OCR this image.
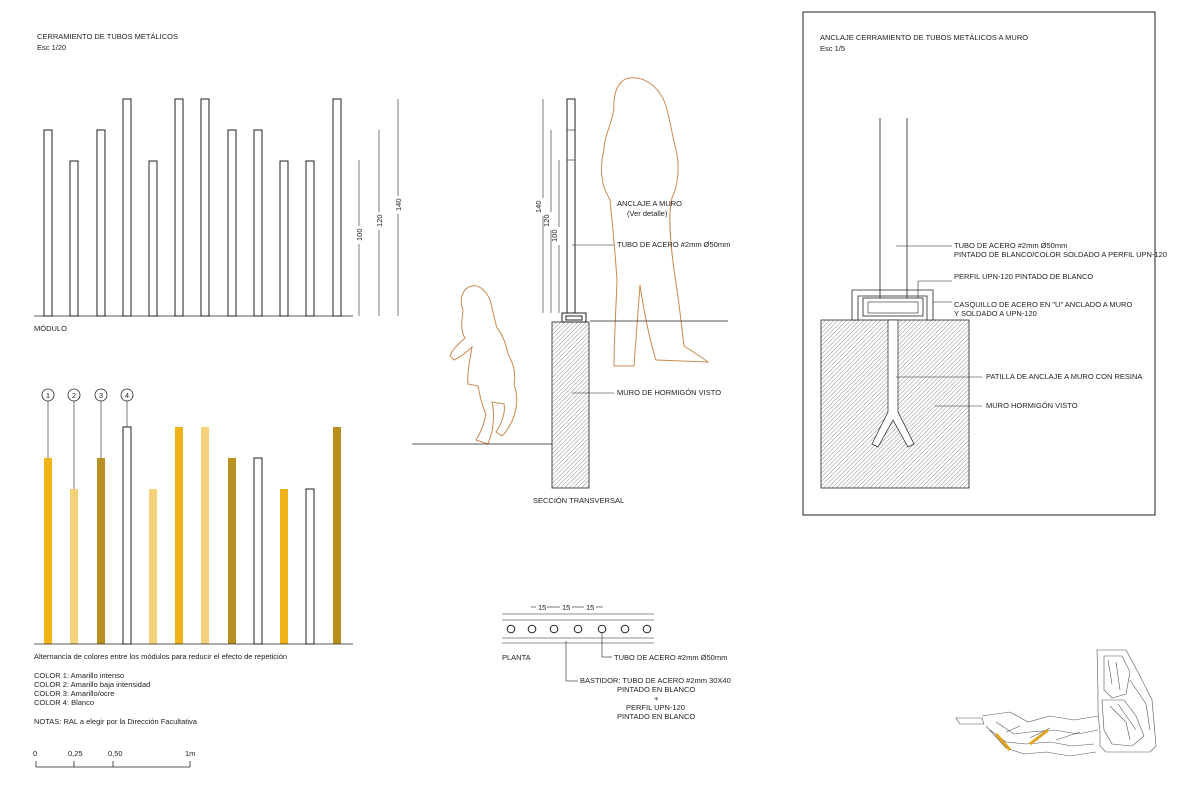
CERRAMIENTO DE TUBOS METÁLICOS
Esc 1/20
MÓDULO
100
120
140
1	2	3	4
Alternancia de colores entre los módulos para reducir el efecto de repetición
COLOR 1: Amarillo intenso
COLOR 2: Amarillo baja intensidad
COLOR 3: Amarillo/ocre
COLOR 4: Blanco
NOTAS: RAL a elegir por la Dirección Facultativa
0	0,25	0,50	1m
140
120
100
ANCLAJE A MURO
(Ver detalle)
TUBO DE ACERO #2mm Ø50mm
MURO DE HORMIGÓN VISTO
SECCIÓN TRANSVERSAL
15 15 15
PLANTA	TUBO DE ACERO #2mm Ø50mm
BASTIDOR: TUBO DE ACERO #2mm 30X40
PINTADO EN BLANCO
+
PERFIL UPN-120
PINTADO EN BLANCO
ANCLAJE CERRAMIENTO DE TUBOS METÁLICOS A MURO
Esc 1/5
TUBO DE ACERO #2mm Ø50mm
PINTADO DE BLANCO/COLOR SOLDADO A PERFIL UPN-120
PERFIL UPN-120 PINTADO DE BLANCO
CASQUILLO DE ACERO EN "U" ANCLADO A MURO
Y SOLDADO A UPN-120
PATILLA DE ANCLAJE A MURO CON RESINA
MURO HORMIGÓN VISTO
